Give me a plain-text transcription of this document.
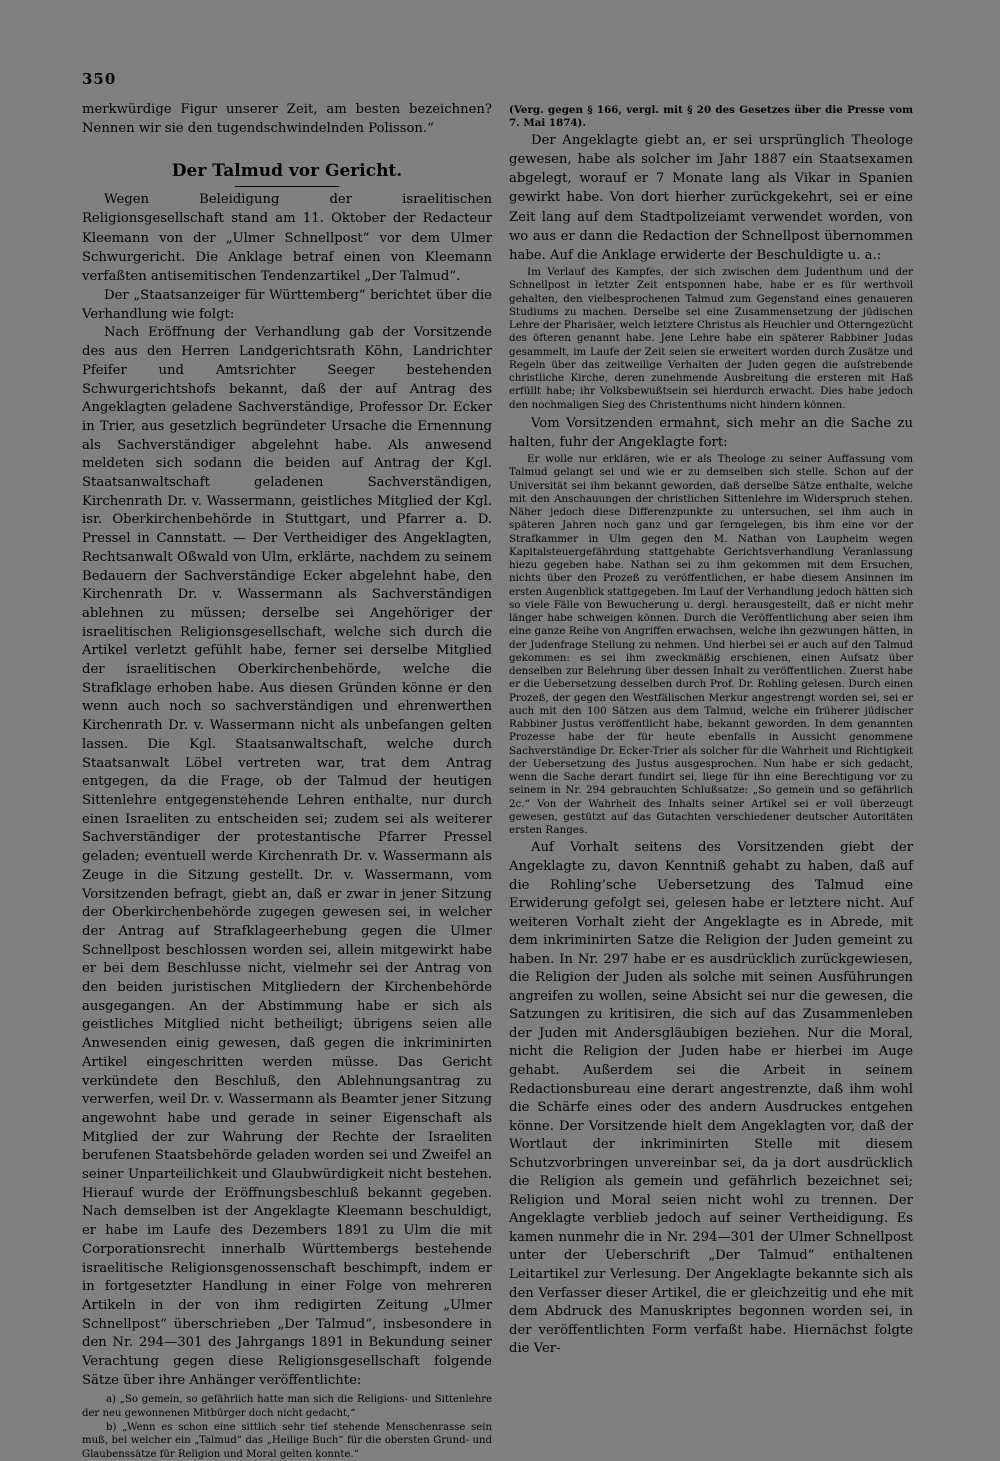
350

merkwürdige Figur unserer Zeit, am besten bezeichnen? Nennen wir sie den tugendschwindelnden Polisson.“

Der Talmud vor Gericht.

Wegen Beleidigung der israelitischen Religionsgesellschaft stand am 11. Oktober der Redacteur Kleemann von der „Ulmer Schnellpost“ vor dem Ulmer Schwurgericht. Die Anklage betraf einen von Kleemann verfaßten antisemitischen Tendenzartikel „Der Talmud“.

Der „Staatsanzeiger für Württemberg“ berichtet über die Verhandlung wie folgt:

Nach Eröffnung der Verhandlung gab der Vorsitzende des aus den Herren Landgerichtsrath Köhn, Landrichter Pfeifer und Amtsrichter Seeger bestehenden Schwurgerichtshofs bekannt, daß der auf Antrag des Angeklagten geladene Sachverständige, Professor Dr. Ecker in Trier, aus gesetzlich begründeter Ursache die Ernennung als Sachverständiger abgelehnt habe. Als anwesend meldeten sich sodann die beiden auf Antrag der Kgl. Staatsanwaltschaft geladenen Sachverständigen, Kirchenrath Dr. v. Wassermann, geistliches Mitglied der Kgl. isr. Oberkirchenbehörde in Stuttgart, und Pfarrer a. D. Pressel in Cannstatt. — Der Vertheidiger des Angeklagten, Rechtsanwalt Oßwald von Ulm, erklärte, nachdem zu seinem Bedauern der Sachverständige Ecker abgelehnt habe, den Kirchenrath Dr. v. Wassermann als Sachverständigen ablehnen zu müssen; derselbe sei Angehöriger der israelitischen Religionsgesellschaft, welche sich durch die Artikel verletzt gefühlt habe, ferner sei derselbe Mitglied der israelitischen Oberkirchenbehörde, welche die Strafklage erhoben habe. Aus diesen Gründen könne er den wenn auch noch so sachverständigen und ehrenwerthen Kirchenrath Dr. v. Wassermann nicht als unbefangen gelten lassen. Die Kgl. Staatsanwaltschaft, welche durch Staatsanwalt Löbel vertreten war, trat dem Antrag entgegen, da die Frage, ob der Talmud der heutigen Sittenlehre entgegenstehende Lehren enthalte, nur durch einen Israeliten zu entscheiden sei; zudem sei als weiterer Sachverständiger der protestantische Pfarrer Pressel geladen; eventuell werde Kirchenrath Dr. v. Wassermann als Zeuge in die Sitzung gestellt. Dr. v. Wassermann, vom Vorsitzenden befragt, giebt an, daß er zwar in jener Sitzung der Oberkirchenbehörde zugegen gewesen sei, in welcher der Antrag auf Strafklageerhebung gegen die Ulmer Schnellpost beschlossen worden sei, allein mitgewirkt habe er bei dem Beschlusse nicht, vielmehr sei der Antrag von den beiden juristischen Mitgliedern der Kirchenbehörde ausgegangen. An der Abstimmung habe er sich als geistliches Mitglied nicht betheiligt; übrigens seien alle Anwesenden einig gewesen, daß gegen die inkriminirten Artikel eingeschritten werden müsse. Das Gericht verkündete den Beschluß, den Ablehnungsantrag zu verwerfen, weil Dr. v. Wassermann als Beamter jener Sitzung angewohnt habe und gerade in seiner Eigenschaft als Mitglied der zur Wahrung der Rechte der Israeliten berufenen Staatsbehörde geladen worden sei und Zweifel an seiner Unparteilichkeit und Glaubwürdigkeit nicht bestehen. Hierauf wurde der Eröffnungsbeschluß bekannt gegeben. Nach demselben ist der Angeklagte Kleemann beschuldigt, er habe im Laufe des Dezembers 1891 zu Ulm die mit Corporationsrecht innerhalb Württembergs bestehende israelitische Religionsgenossenschaft beschimpft, indem er in fortgesetzter Handlung in einer Folge von mehreren Artikeln in der von ihm redigirten Zeitung „Ulmer Schnellpost“ überschrieben „Der Talmud“, insbesondere in den Nr. 294—301 des Jahrgangs 1891 in Bekundung seiner Verachtung gegen diese Religionsgesellschaft folgende Sätze über ihre Anhänger veröffentlichte:

a) „So gemein, so gefährlich hatte man sich die Religions- und Sittenlehre der neu gewonnenen Mitbürger doch nicht gedacht,“

b) „Wenn es schon eine sittlich sehr tief stehende Menschenrasse sein muß, bei welcher ein „Talmud“ das „Heilige Buch“ für die obersten Grund- und Glaubenssätze für Religion und Moral gelten konnte.“

(Verg. gegen § 166, vergl. mit § 20 des Gesetzes über die Presse vom 7. Mai 1874).

Der Angeklagte giebt an, er sei ursprünglich Theologe gewesen, habe als solcher im Jahr 1887 ein Staatsexamen abgelegt, worauf er 7 Monate lang als Vikar in Spanien gewirkt habe. Von dort hierher zurückgekehrt, sei er eine Zeit lang auf dem Stadtpolizeiamt verwendet worden, von wo aus er dann die Redaction der Schnellpost übernommen habe. Auf die Anklage erwiderte der Beschuldigte u. a.:

Im Verlauf des Kampfes, der sich zwischen dem Judenthum und der Schnellpost in letzter Zeit entsponnen habe, habe er es für werthvoll gehalten, den vielbesprochenen Talmud zum Gegenstand eines genaueren Studiums zu machen. Derselbe sei eine Zusammensetzung der jüdischen Lehre der Pharisäer, welch letztere Christus als Heuchler und Otterngezücht des öfteren genannt habe. Jene Lehre habe ein späterer Rabbiner Judas gesammelt, im Laufe der Zeit seien sie erweitert worden durch Zusätze und Regeln über das zeitweilige Verhalten der Juden gegen die aufstrebende christliche Kirche, deren zunehmende Ausbreitung die ersteren mit Haß erfüllt habe; ihr Volksbewußtsein sei hierdurch erwacht. Dies habe jedoch den nochmaligen Sieg des Christenthums nicht hindern können.

Vom Vorsitzenden ermahnt, sich mehr an die Sache zu halten, fuhr der Angeklagte fort:

Er wolle nur erklären, wie er als Theologe zu seiner Auffassung vom Talmud gelangt sei und wie er zu demselben sich stelle. Schon auf der Universität sei ihm bekannt geworden, daß derselbe Sätze enthalte, welche mit den Anschauungen der christlichen Sittenlehre im Widerspruch stehen. Näher jedoch diese Differenzpunkte zu untersuchen, sei ihm auch in späteren Jahren noch ganz und gar ferngelegen, bis ihm eine vor der Strafkammer in Ulm gegen den M. Nathan von Laupheim wegen Kapitalsteuergefährdung stattgehabte Gerichtsverhandlung Veranlassung hiezu gegeben habe. Nathan sei zu ihm gekommen mit dem Ersuchen, nichts über den Prozeß zu veröffentlichen, er habe diesem Ansinnen im ersten Augenblick stattgegeben. Im Lauf der Verhandlung jedoch hätten sich so viele Fälle von Bewucherung u. dergl. herausgestellt, daß er nicht mehr länger habe schweigen können. Durch die Veröffentlichung aber seien ihm eine ganze Reihe von Angriffen erwachsen, welche ihn gezwungen hätten, in der Judenfrage Stellung zu nehmen. Und hierbei sei er auch auf den Talmud gekommen: es sei ihm zweckmäßig erschienen, einen Aufsatz über denselben zur Belehrung über dessen Inhalt zu veröffentlichen. Zuerst habe er die Uebersetzung desselben durch Prof. Dr. Rohling gelesen. Durch einen Prozeß, der gegen den Westfälischen Merkur angestrengt worden sei, sei er auch mit den 100 Sätzen aus dem Talmud, welche ein früherer jüdischer Rabbiner Justus veröffentlicht habe, bekannt geworden. In dem genannten Prozesse habe der für heute ebenfalls in Aussicht genommene Sachverständige Dr. Ecker-Trier als solcher für die Wahrheit und Richtigkeit der Uebersetzung des Justus ausgesprochen. Nun habe er sich gedacht, wenn die Sache derart fundirt sei, liege für ihn eine Berechtigung vor zu seinem in Nr. 294 gebrauchten Schlußsatze: „So gemein und so gefährlich 2c.“ Von der Wahrheit des Inhalts seiner Artikel sei er voll überzeugt gewesen, gestützt auf das Gutachten verschiedener deutscher Autoritäten ersten Ranges.

Auf Vorhalt seitens des Vorsitzenden giebt der Angeklagte zu, davon Kenntniß gehabt zu haben, daß auf die Rohling’sche Uebersetzung des Talmud eine Erwiderung gefolgt sei, gelesen habe er letztere nicht. Auf weiteren Vorhalt zieht der Angeklagte es in Abrede, mit dem inkriminirten Satze die Religion der Juden gemeint zu haben. In Nr. 297 habe er es ausdrücklich zurückgewiesen, die Religion der Juden als solche mit seinen Ausführungen angreifen zu wollen, seine Absicht sei nur die gewesen, die Satzungen zu kritisiren, die sich auf das Zusammenleben der Juden mit Andersgläubigen beziehen. Nur die Moral, nicht die Religion der Juden habe er hierbei im Auge gehabt. Außerdem sei die Arbeit in seinem Redactionsbureau eine derart angestrenzte, daß ihm wohl die Schärfe eines oder des andern Ausdruckes entgehen könne. Der Vorsitzende hielt dem Angeklagten vor, daß der Wortlaut der inkriminirten Stelle mit diesem Schutzvorbringen unvereinbar sei, da ja dort ausdrücklich die Religion als gemein und gefährlich bezeichnet sei; Religion und Moral seien nicht wohl zu trennen. Der Angeklagte verblieb jedoch auf seiner Vertheidigung. Es kamen nunmehr die in Nr. 294—301 der Ulmer Schnellpost unter der Ueberschrift „Der Talmud“ enthaltenen Leitartikel zur Verlesung. Der Angeklagte bekannte sich als den Verfasser dieser Artikel, die er gleichzeitig und ehe mit dem Abdruck des Manuskriptes begonnen worden sei, in der veröffentlichten Form verfaßt habe. Hiernächst folgte die Ver-
